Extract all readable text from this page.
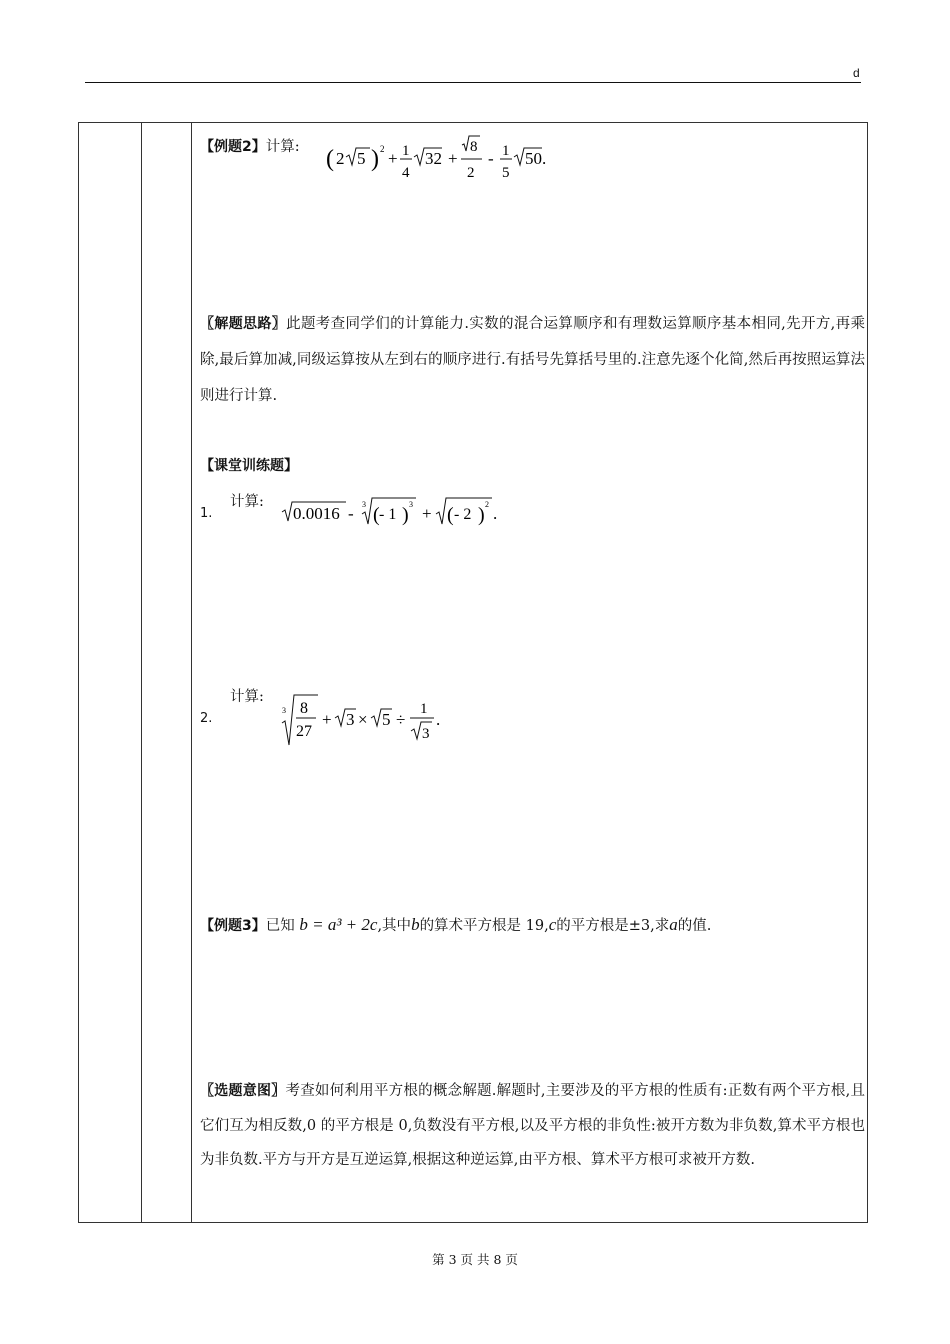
d
【例题2】计算: ( 2 5 ) 2 + 1
4
32 +
8
2
- 1
5
50.
〖解题思路〗此题考查同学们的计算能力.实数的混合运算顺序和有理数运算顺序基本相同,先开方,再乘除,最后算加减,同级运算按从左到右的顺序进行.有括号先算括号里的.注意先逐个化简,然后再按照运算法则进行计算.
【课堂训练题】
1.
计算:
0.0016 - 3 ( - 1 ) 3 + ( - 2 ) 2 .
2.
计算:
3 8
27
+ 3 × 5 ÷
1
3
.
【例题3】已知 b = a³ + 2c,其中b的算术平方根是 19,c的平方根是±3,求a的值.
〖选题意图〗考查如何利用平方根的概念解题.解题时,主要涉及的平方根的性质有:正数有两个平方根,且它们互为相反数,0 的平方根是 0,负数没有平方根,以及平方根的非负性:被开方数为非负数,算术平方根也为非负数.平方与开方是互逆运算,根据这种逆运算,由平方根、算术平方根可求被开方数.
第 3 页 共 8 页
